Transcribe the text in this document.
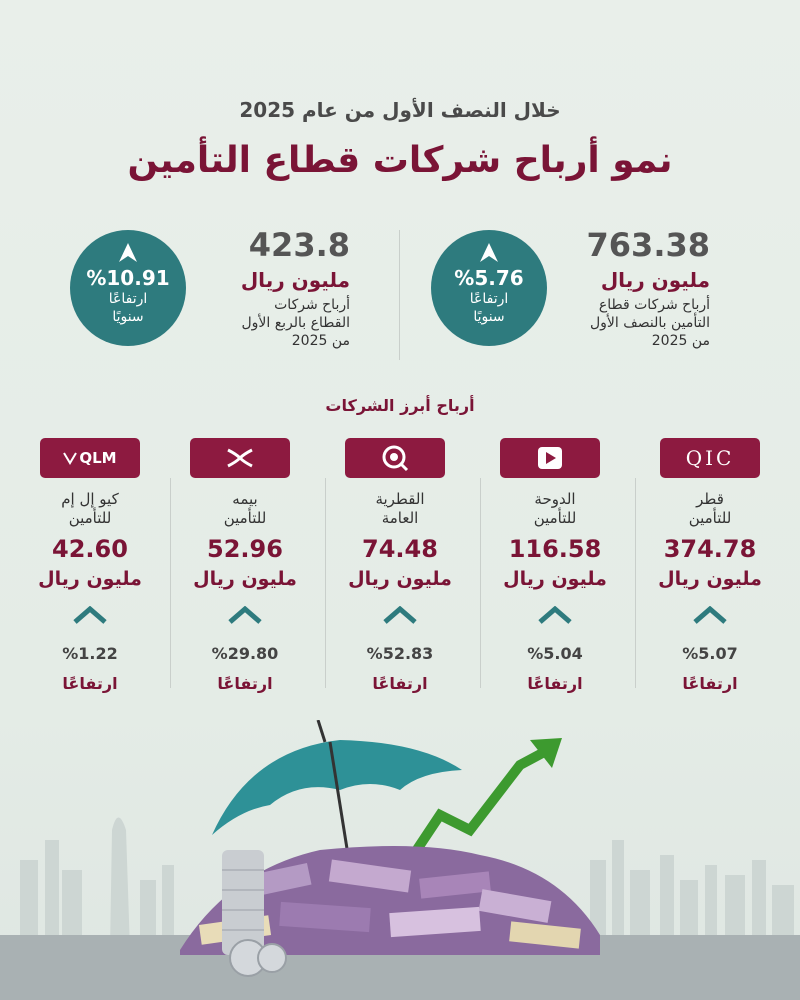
خلال النصف الأول من عام 2025
نمو أرباح شركات قطاع التأمين
763.38
مليون ريال
أرباح شركات قطاع
التأمين بالنصف الأول
من 2025
%5.76
ارتفاعًا
سنويًا
423.8
مليون ريال
أرباح شركات
القطاع بالربع الأول
من 2025
%10.91
ارتفاعًا
سنويًا
أرباح أبرز الشركات
QIC
قطر
للتأمين
374.78
مليون ريال
%5.07
ارتفاعًا
الدوحة
للتأمين
116.58
مليون ريال
%5.04
ارتفاعًا
القطرية
العامة
74.48
مليون ريال
%52.83
ارتفاعًا
بيمه
للتأمين
52.96
مليون ريال
%29.80
ارتفاعًا
QLM
كيو إل إم
للتأمين
42.60
مليون ريال
%1.22
ارتفاعًا
